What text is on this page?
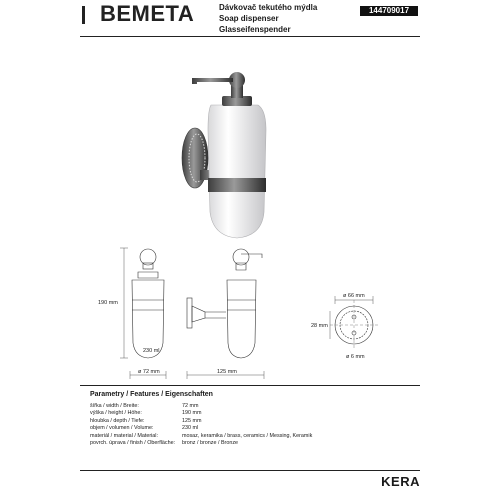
BEMETA	Dávkovač tekutého mýdla
Soap dispenser
Glasseifenspender
144709017
190 mm
ø 72 mm
230 ml
125 mm
ø 66 mm
28 mm
ø 6 mm
Parametry / Features / Eigenschaften
šířka / width / Breite:	72 mm
výška / height / Höhe:	190 mm
hloubka / depth / Tiefe:	125 mm
objem / volumen / Volume:	230 ml
materiál / material / Material:	mosaz, keramika / brass, ceramics / Messing, Keramik
povrch. úprava / finish / Oberfläche: bronz / bronze / Bronze
KERA
